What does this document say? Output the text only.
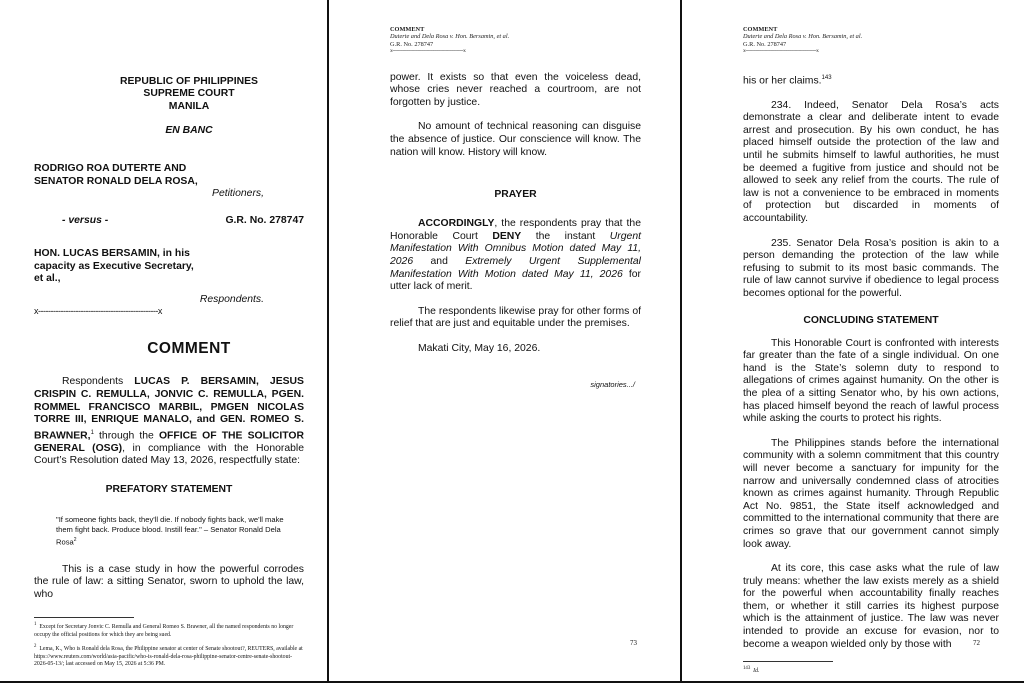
REPUBLIC OF PHILIPPINES

SUPREME COURT

MANILA

EN BANC

RODRIGO ROA DUTERTE AND

SENATOR RONALD DELA ROSA,

Petitioners,

- versus -	G.R. No. 278747

HON. LUCAS BERSAMIN, in his

capacity as Executive Secretary,

et al.,

Respondents.

x------------------------------------------------x

COMMENT

Respondents LUCAS P. BERSAMIN, JESUS CRISPIN C. REMULLA, JONVIC C. REMULLA, PGEN. ROMMEL FRANCISCO MARBIL, PMGEN NICOLAS TORRE III, ENRIQUE MANALO, and GEN. ROMEO S. BRAWNER,$^1$ through the OFFICE OF THE SOLICITOR GENERAL (OSG), in compliance with the Honorable Court’s Resolution dated May 13, 2026, respectfully state:

PREFATORY STATEMENT

"If someone fights back, they'll die. If nobody fights back, we'll make them fight back. Produce blood. Instill fear." – Senator Ronald Dela Rosa$^2$

This is a case study in how the powerful corrodes the rule of law: a sitting Senator, sworn to uphold the law, who

$^1$ Except for Secretary Jonvic C. Remulla and General Romeo S. Brawner, all the named respondents no longer occupy the official positions for which they are being sued.

$^2$ Lema, K., Who is Ronald dela Rosa, the Philippine senator at center of Senate shootout?, REUTERS, available at https://www.reuters.com/world/asia-pacific/who-is-ronald-dela-rosa-philippine-senator-centre-senate-shootout-2026-05-13/; last accessed on May 15, 2026 at 5:36 PM.

COMMENT

Duterte and Dela Rosa v. Hon. Bersamin, et al.

G.R. No. 278747

x----------------------------------------------------x

power. It exists so that even the voiceless dead, whose cries never reached a courtroom, are not forgotten by justice.

No amount of technical reasoning can disguise the absence of justice. Our conscience will know. The nation will know. History will know.

PRAYER

ACCORDINGLY, the respondents pray that the Honorable Court DENY the instant Urgent Manifestation With Omnibus Motion dated May 11, 2026 and Extremely Urgent Supplemental Manifestation With Motion dated May 11, 2026 for utter lack of merit.

The respondents likewise pray for other forms of relief that are just and equitable under the premises.

Makati City, May 16, 2026.

signatories.../

73

COMMENT

Duterte and Dela Rosa v. Hon. Bersamin, et al.

G.R. No. 278747

x----------------------------------------------------x

his or her claims.$^{143}$

234. Indeed, Senator Dela Rosa’s acts demonstrate a clear and deliberate intent to evade arrest and prosecution. By his own conduct, he has placed himself outside the protection of the law and until he submits himself to lawful authorities, he must be deemed a fugitive from justice and should not be allowed to seek any relief from the courts. The rule of law is not a convenience to be embraced in moments of protection but discarded in moments of accountability.

235. Senator Dela Rosa’s position is akin to a person demanding the protection of the law while refusing to submit to its most basic commands. The rule of law cannot survive if obedience to legal process becomes optional for the powerful.

CONCLUDING STATEMENT

This Honorable Court is confronted with interests far greater than the fate of a single individual. On one hand is the State’s solemn duty to respond to allegations of crimes against humanity. On the other is the plea of a sitting Senator who, by his own actions, has placed himself beyond the reach of lawful process while asking the courts to protect his rights.

The Philippines stands before the international community with a solemn commitment that this country will never become a sanctuary for impunity for the narrow and universally condemned class of atrocities known as crimes against humanity. Through Republic Act No. 9851, the State itself acknowledged and committed to the international community that there are crimes so grave that our government cannot simply look away.

At its core, this case asks what the rule of law truly means: whether the law exists merely as a shield for the powerful when accountability finally reaches them, or whether it still carries its highest purpose which is the attainment of justice. The law was never intended to provide an excuse for evasion, nor to become a weapon wielded only by those with

$^{143}$ Id.

72
